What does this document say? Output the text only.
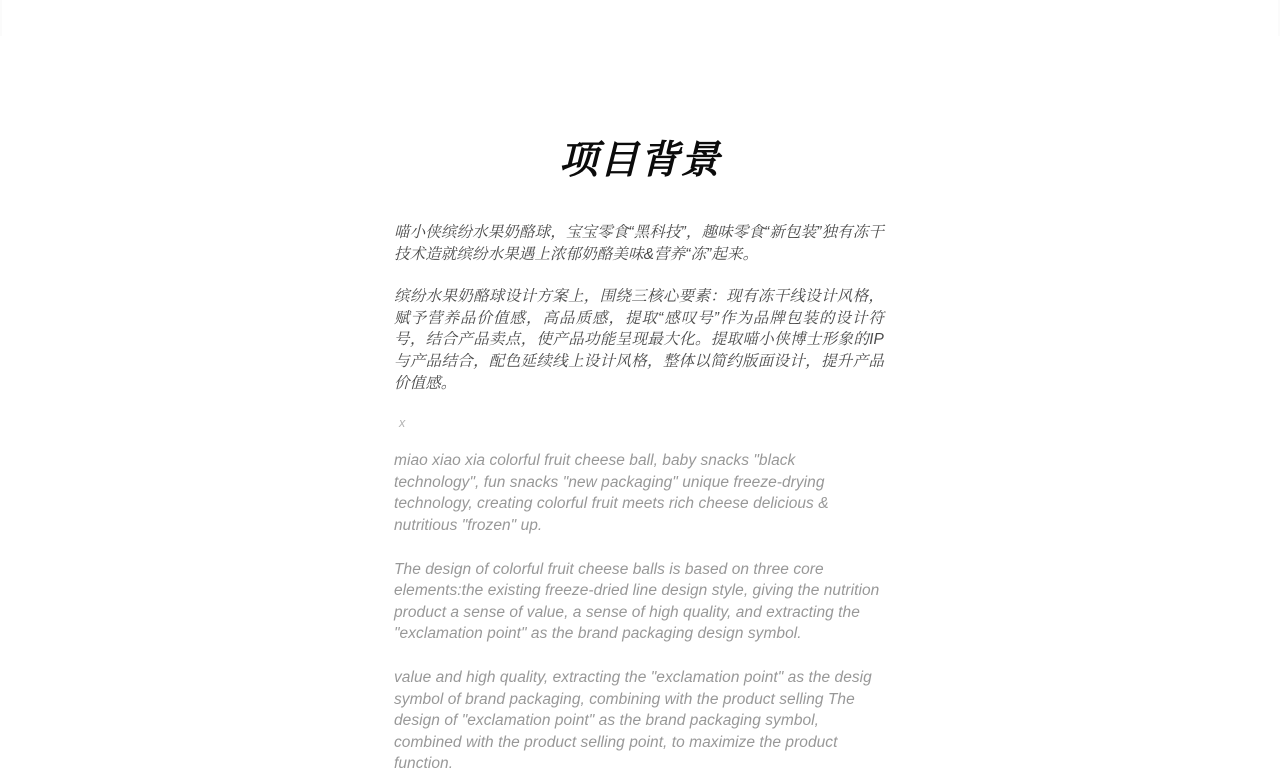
项目背景

喵小侠缤纷水果奶酪球，宝宝零食“黑科技”，趣味零食“新包装”独有冻干技术造就缤纷水果遇上浓郁奶酪美味&营养“冻”起来。

缤纷水果奶酪球设计方案上，围绕三核心要素：现有冻干线设计风格，赋予营养品价值感，高品质感，提取“感叹号”作为品牌包装的设计符号，结合产品卖点，使产品功能呈现最大化。提取喵小侠博士形象的IP与产品结合，配色延续线上设计风格，整体以简约版面设计，提升产品价值感。

x

miao xiao xia colorful fruit cheese ball, baby snacks "black technology", fun snacks "new packaging" unique freeze-drying technology, creating colorful fruit meets rich cheese delicious & nutritious "frozen" up.

The design of colorful fruit cheese balls is based on three core elements:the existing freeze-dried line design style, giving the nutrition product a sense of value, a sense of high quality, and extracting the "exclamation point" as the brand packaging design symbol.

value and high quality, extracting the "exclamation point" as the desig symbol of brand packaging, combining with the product selling The design of "exclamation point" as the brand packaging symbol, combined with the product selling point, to maximize the product function.
